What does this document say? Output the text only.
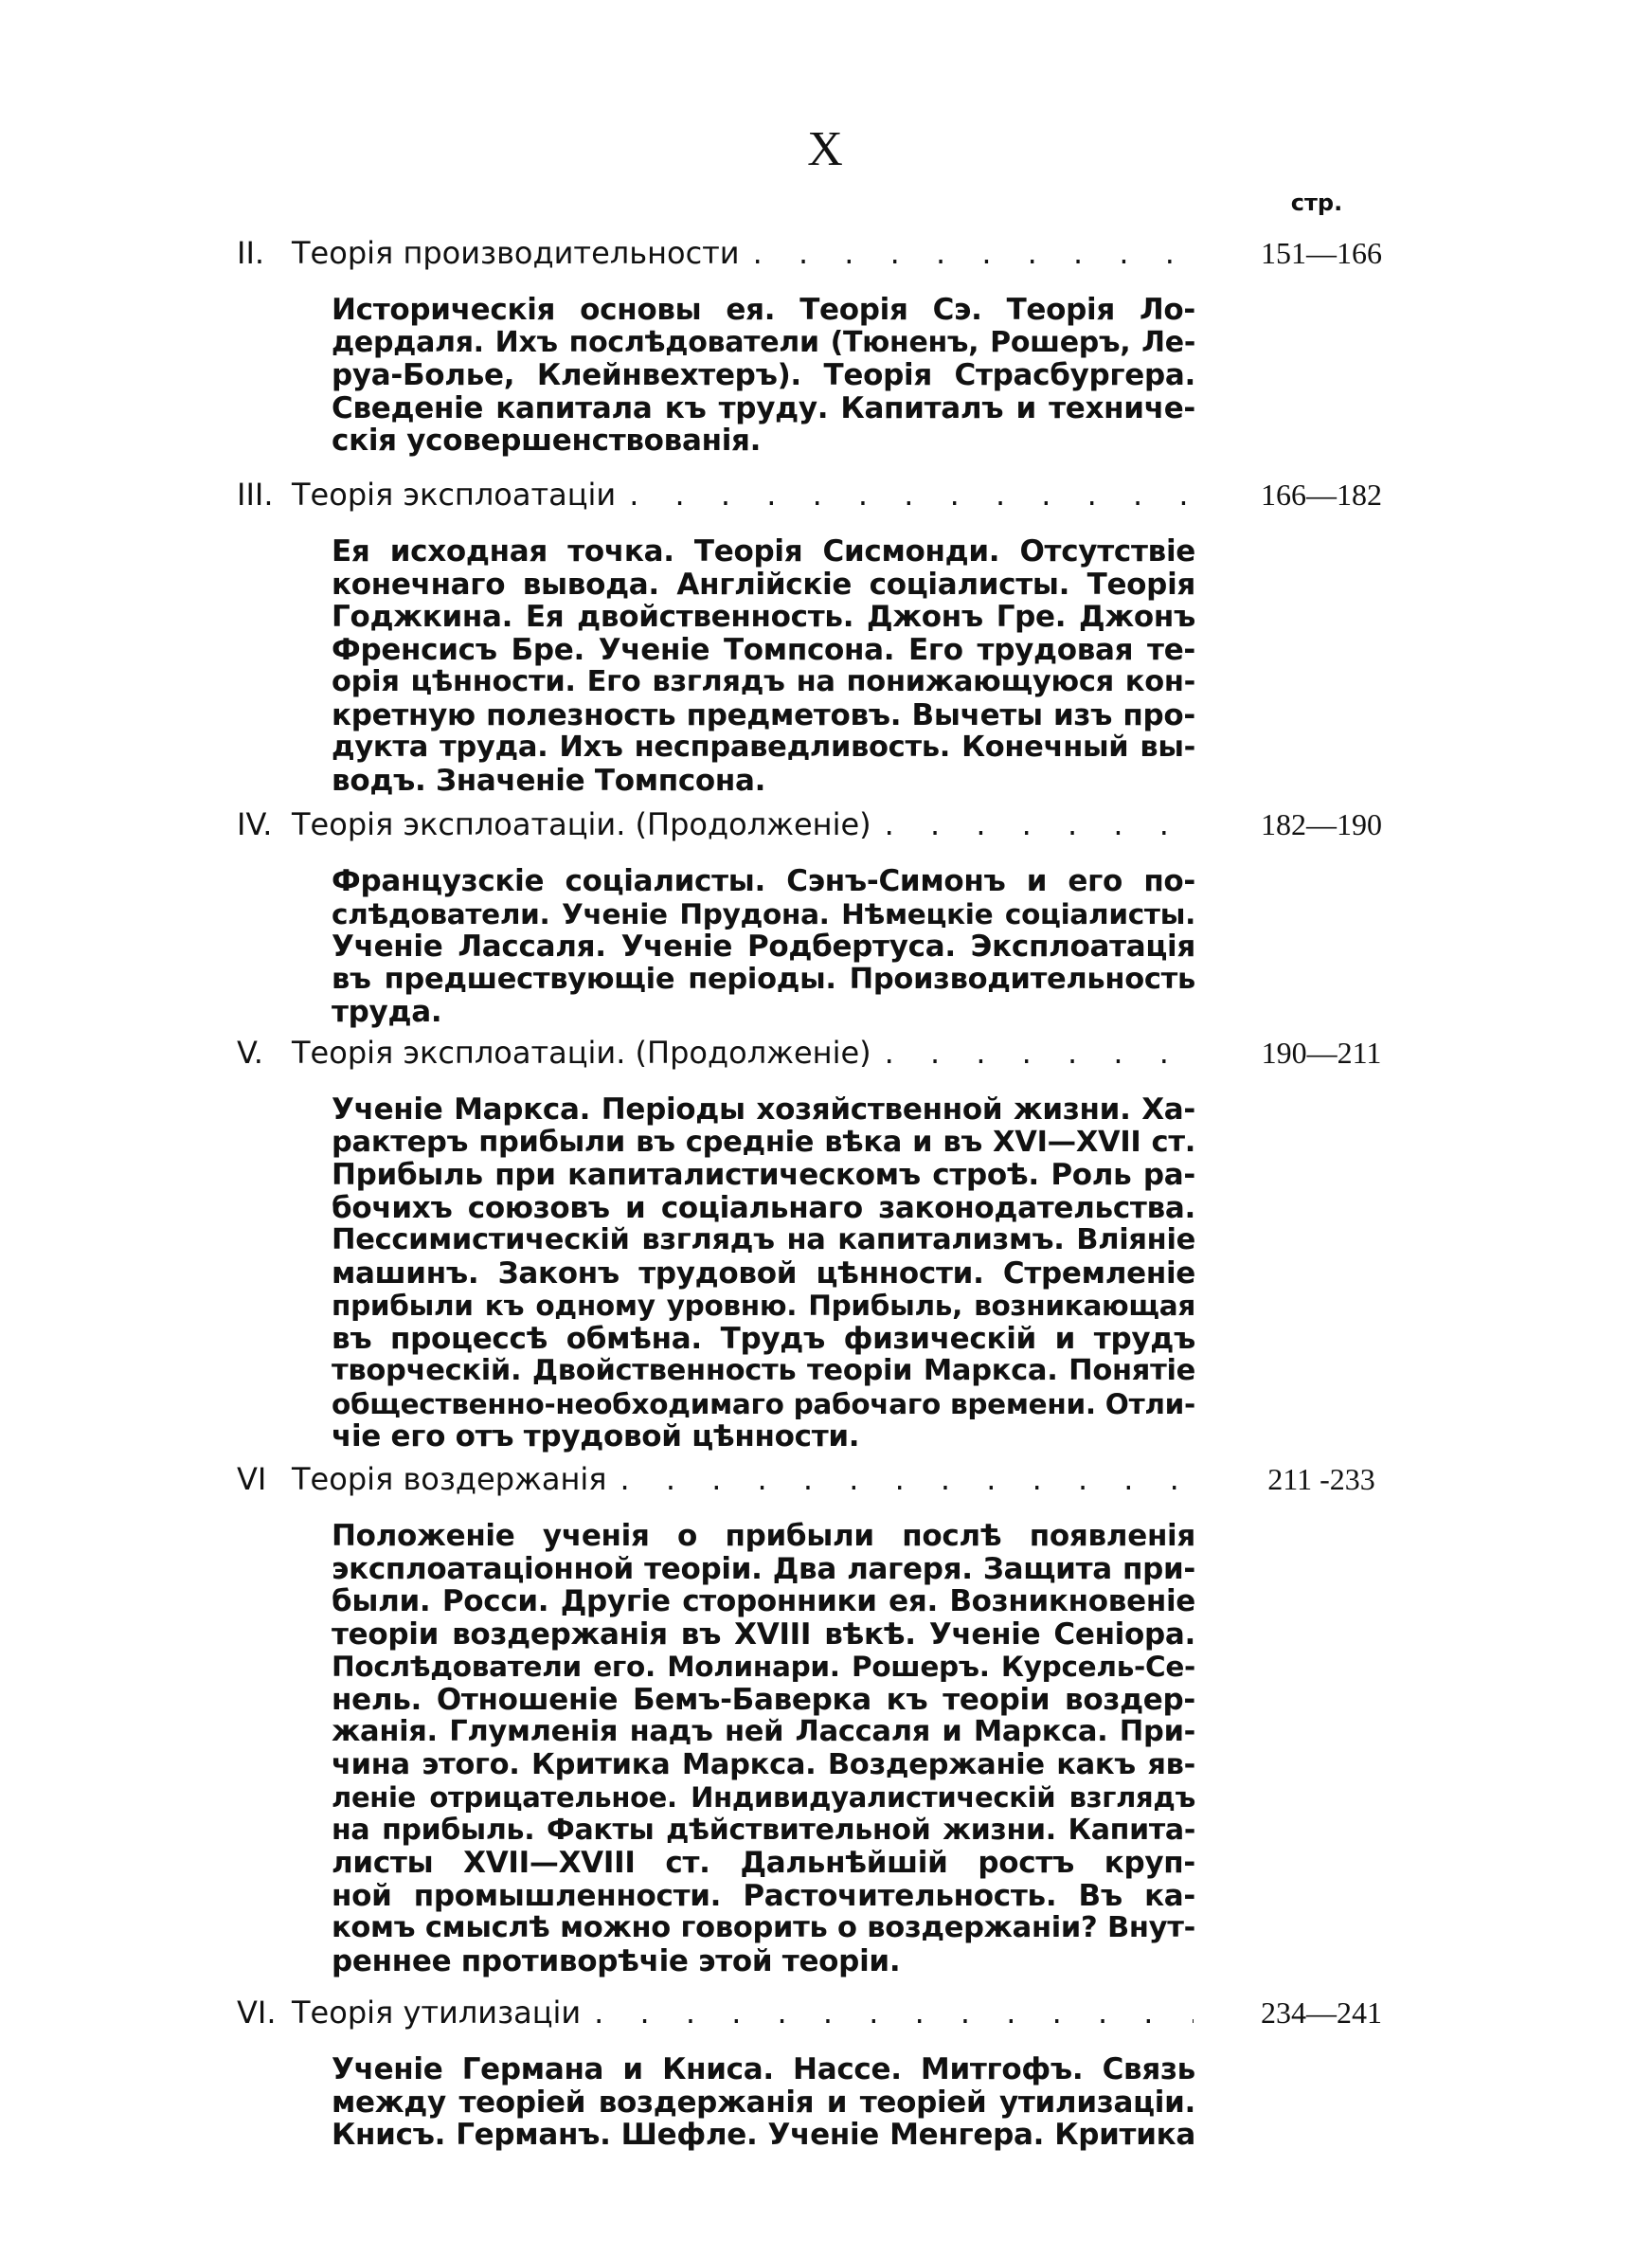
X
стр.
II. Теорія производительности . . .	151—166
Историческія основы ея. Теорія Сэ. Теорія Ло-
дердаля. Ихъ послѣдователи (Тюненъ, Рошеръ, Ле-
руа-Болье, Клейнвехтеръ). Теорія Страсбургера.
Сведеніе капитала къ труду. Капиталъ и техниче-
скія усовершенствованія.
III. Теорія эксплоатаціи . . .	166—182
Ея исходная точка. Теорія Сисмонди. Отсутствіе
конечнаго вывода. Англійскіе соціалисты. Теорія
Годжкина. Ея двойственность. Джонъ Гре. Джонъ
Френсисъ Бре. Ученіе Томпсона. Его трудовая те-
орія цѣнности. Его взглядъ на понижающуюся кон-
кретную полезность предметовъ. Вычеты изъ про-
дукта труда. Ихъ несправедливость. Конечный вы-
водъ. Значеніе Томпсона.
IV. Теорія эксплоатаціи. (Продолженіе) . . .	182—190
Французскіе соціалисты. Сэнъ-Симонъ и его по-
слѣдователи. Ученіе Прудона. Нѣмецкіе соціалисты.
Ученіе Лассаля. Ученіе Родбертуса. Эксплоатація
въ предшествующіе періоды. Производительность
труда.
V. Теорія эксплоатаціи. (Продолженіе) . . .	190—211
Ученіе Маркса. Періоды хозяйственной жизни. Ха-
рактеръ прибыли въ средніе вѣка и въ XVI—XVII ст.
Прибыль при капиталистическомъ строѣ. Роль ра-
бочихъ союзовъ и соціальнаго законодательства.
Пессимистическій взглядъ на капитализмъ. Вліяніе
машинъ. Законъ трудовой цѣнности. Стремленіе
прибыли къ одному уровню. Прибыль, возникающая
въ процессѣ обмѣна. Трудъ физическій и трудъ
творческій. Двойственность теоріи Маркса. Понятіе
общественно-необходимаго рабочаго времени. Отли-
чіе его отъ трудовой цѣнности.
VI Теорія воздержанія . . .	211 -233
Положеніе ученія о прибыли послѣ появленія
эксплоатаціонной теоріи. Два лагеря. Защита при-
были. Росси. Другіе сторонники ея. Возникновеніе
теоріи воздержанія въ XVIII вѣкѣ. Ученіе Сеніора.
Послѣдователи его. Молинари. Рошеръ. Курсель-Се-
нель. Отношеніе Бемъ-Баверка къ теоріи воздер-
жанія. Глумленія надъ ней Лассаля и Маркса. При-
чина этого. Критика Маркса. Воздержаніе какъ яв-
леніе отрицательное. Индивидуалистическій взглядъ
на прибыль. Факты дѣйствительной жизни. Капита-
листы XVII—XVIII ст. Дальнѣйшій ростъ круп-
ной промышленности. Расточительность. Въ ка-
комъ смыслѣ можно говорить о воздержаніи? Внут-
реннее противорѣчіе этой теоріи.
VI. Теорія утилизаціи . . .	234—241
Ученіе Германа и Книса. Нассе. Митгофъ. Связь
между теоріей воздержанія и теоріей утилизаціи.
Книсъ. Германъ. Шефле. Ученіе Менгера. Критика
